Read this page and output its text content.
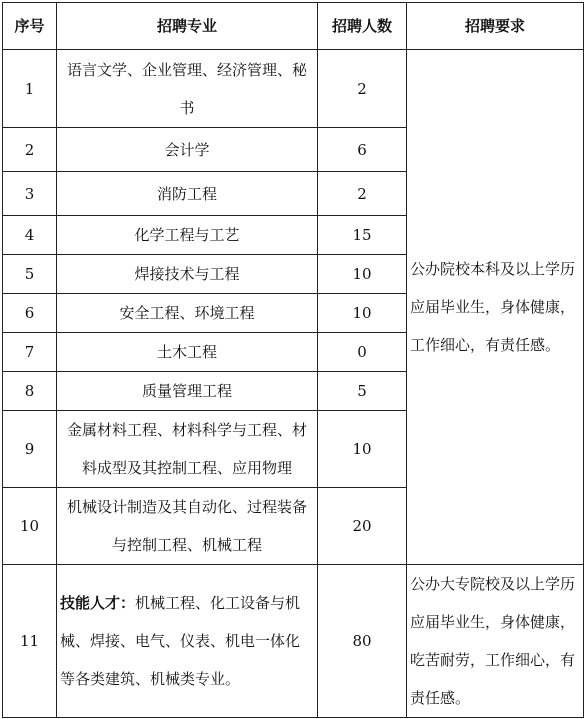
序号	招聘专业	招聘人数	招聘要求
1	语言文学、企业管理、经济管理、秘书	2	公办院校本科及以上学历应届毕业生，身体健康，工作细心，有责任感。
2	会计学	6	
3	消防工程	2	
4	化学工程与工艺	15	
5	焊接技术与工程	10	
6	安全工程、环境工程	10	
7	土木工程	0	
8	质量管理工程	5	
9	金属材料工程、材料科学与工程、材料成型及其控制工程、应用物理	10	
10	机械设计制造及其自动化、过程装备与控制工程、机械工程	20	
11	技能人才：机械工程、化工设备与机械、焊接、电气、仪表、机电一体化等各类建筑、机械类专业。	80	公办大专院校及以上学历应届毕业生，身体健康，吃苦耐劳，工作细心，有责任感。
